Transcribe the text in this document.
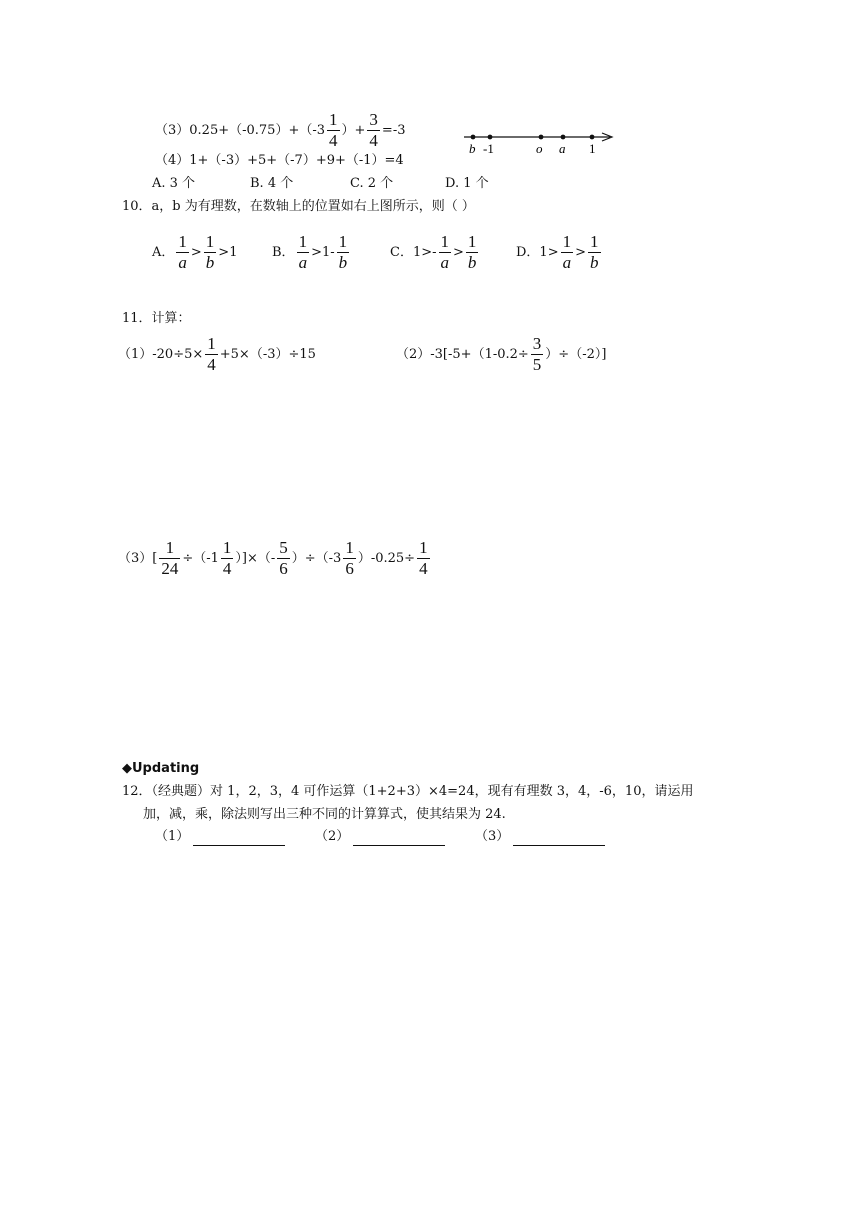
$(3)0.25+(-0.75)+(-3 \frac{1}{4}$ ）+ $\frac{3}{4} =-3$
（4）1+（-3）+5+（-7）+9+（-1）=4
A. 3 个	B. 4 个	C. 2 个	D. 1 个
b -1	o a 1
10．a，b 为有理数，在数轴上的位置如右上图所示，则（ ）
A． $\frac{1}{a} > \frac{1}{b} >1$	B． $\frac{1}{a} >1- \frac{1}{b}$	C．$1>- \frac{1}{a} > \frac{1}{b}$	D．$1> \frac{1}{a} > \frac{1}{b}$
11．计算：
$(1)-20\div 5\times \frac{1}{4} +5\times(-3)\div 15$	$(2)-3[-5+(1-0.2\div \frac{3}{5} )\div(-2)]$
$(3)[ \frac{1}{24} \div(-1 \frac{1}{4}$ ）]×（- $\frac{5}{6} )\div(-3 \frac{1}{6} )-0.25\div \frac{1}{4}$
◆Updating
12．（经典题）对 1，2，3，4 可作运算（1+2+3）×4=24，现有有理数 3，4，-6，10，请运用
加，减，乘，除法则写出三种不同的计算算式，使其结果为 24.
（1）	（2）	（3）
